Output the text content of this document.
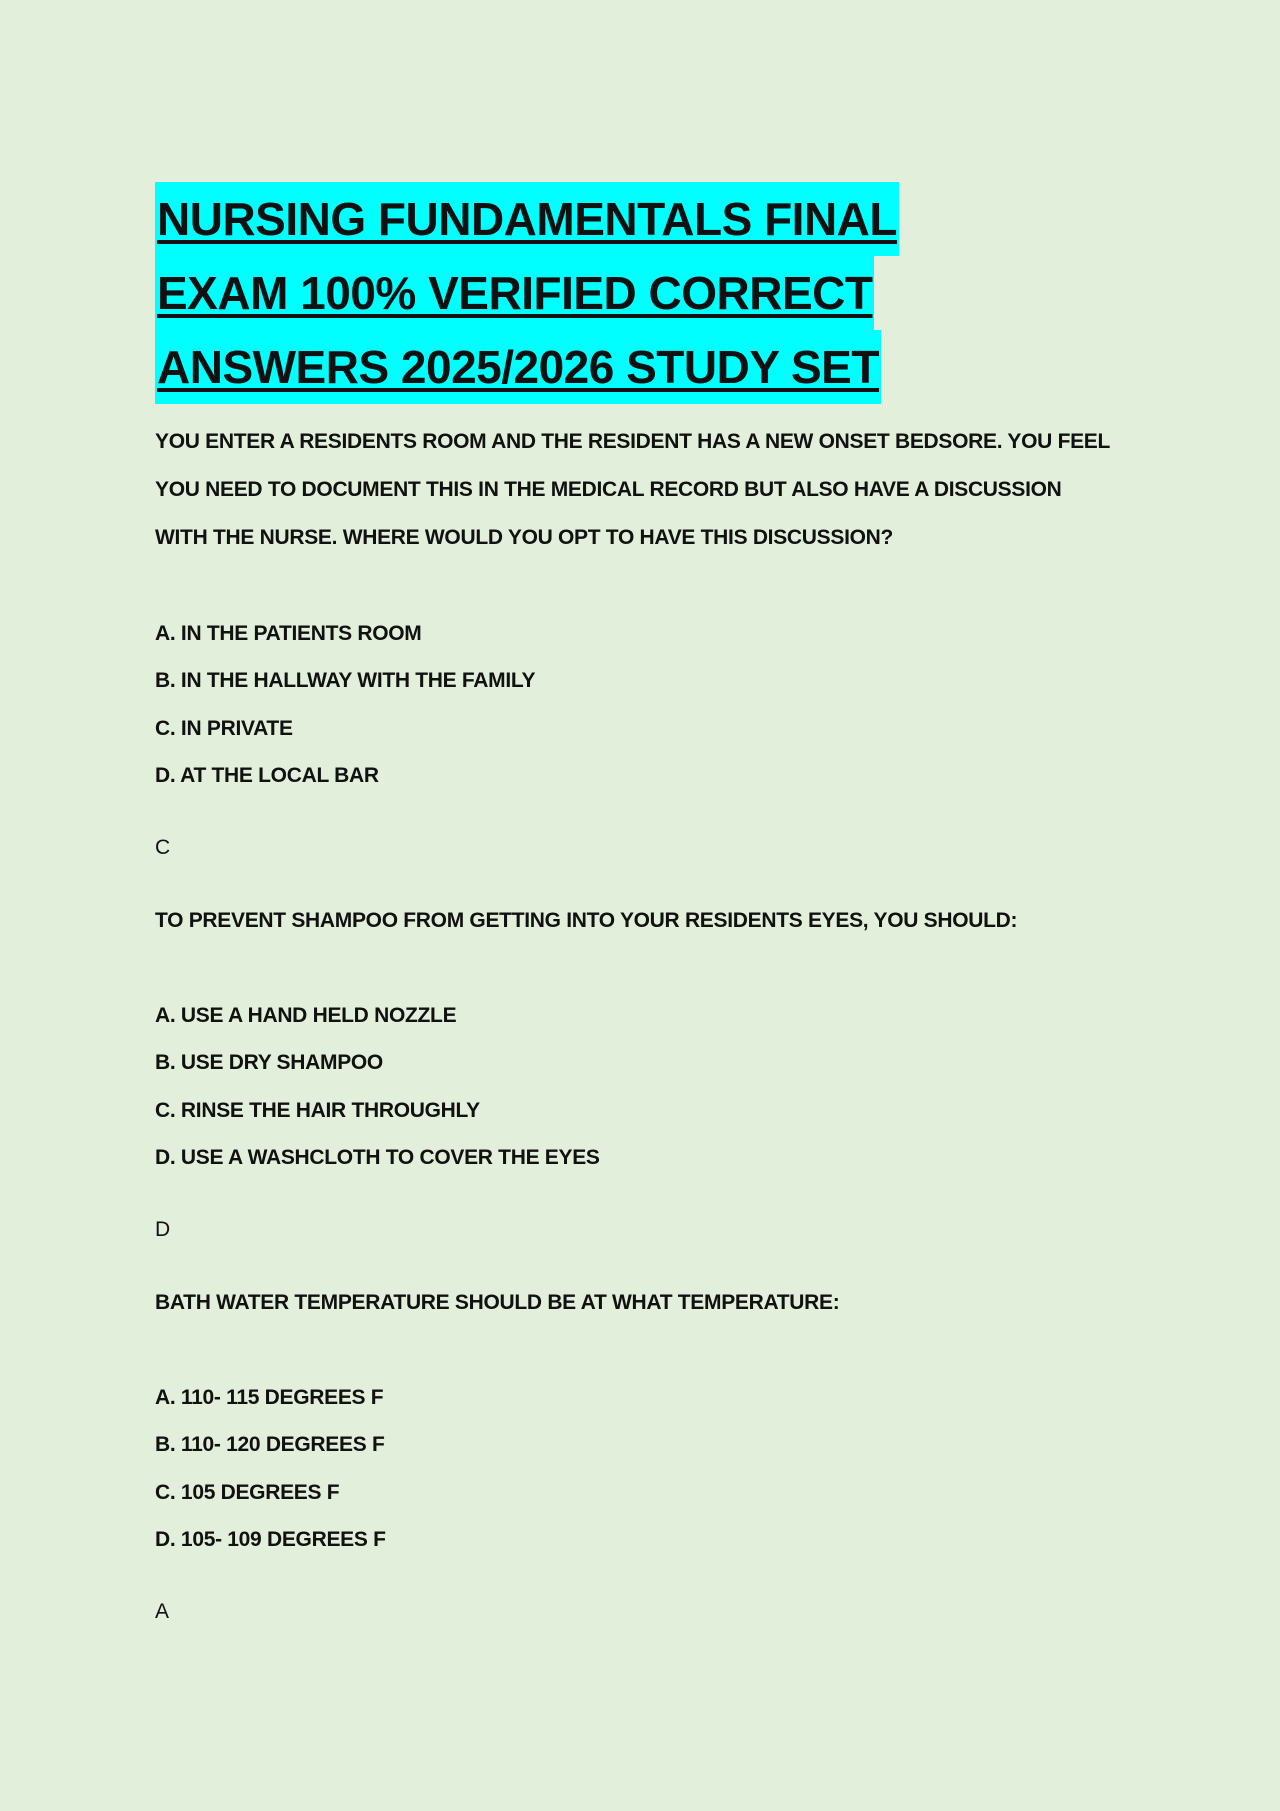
NURSING FUNDAMENTALS FINAL
EXAM 100% VERIFIED CORRECT
ANSWERS 2025/2026 STUDY SET

YOU ENTER A RESIDENTS ROOM AND THE RESIDENT HAS A NEW ONSET BEDSORE. YOU FEEL YOU NEED TO DOCUMENT THIS IN THE MEDICAL RECORD BUT ALSO HAVE A DISCUSSION WITH THE NURSE. WHERE WOULD YOU OPT TO HAVE THIS DISCUSSION?

A. IN THE PATIENTS ROOM
B. IN THE HALLWAY WITH THE FAMILY
C. IN PRIVATE
D. AT THE LOCAL BAR

C

TO PREVENT SHAMPOO FROM GETTING INTO YOUR RESIDENTS EYES, YOU SHOULD:

A. USE A HAND HELD NOZZLE
B. USE DRY SHAMPOO
C. RINSE THE HAIR THROUGHLY
D. USE A WASHCLOTH TO COVER THE EYES

D

BATH WATER TEMPERATURE SHOULD BE AT WHAT TEMPERATURE:

A. 110- 115 DEGREES F
B. 110- 120 DEGREES F
C. 105 DEGREES F
D. 105- 109 DEGREES F

A
